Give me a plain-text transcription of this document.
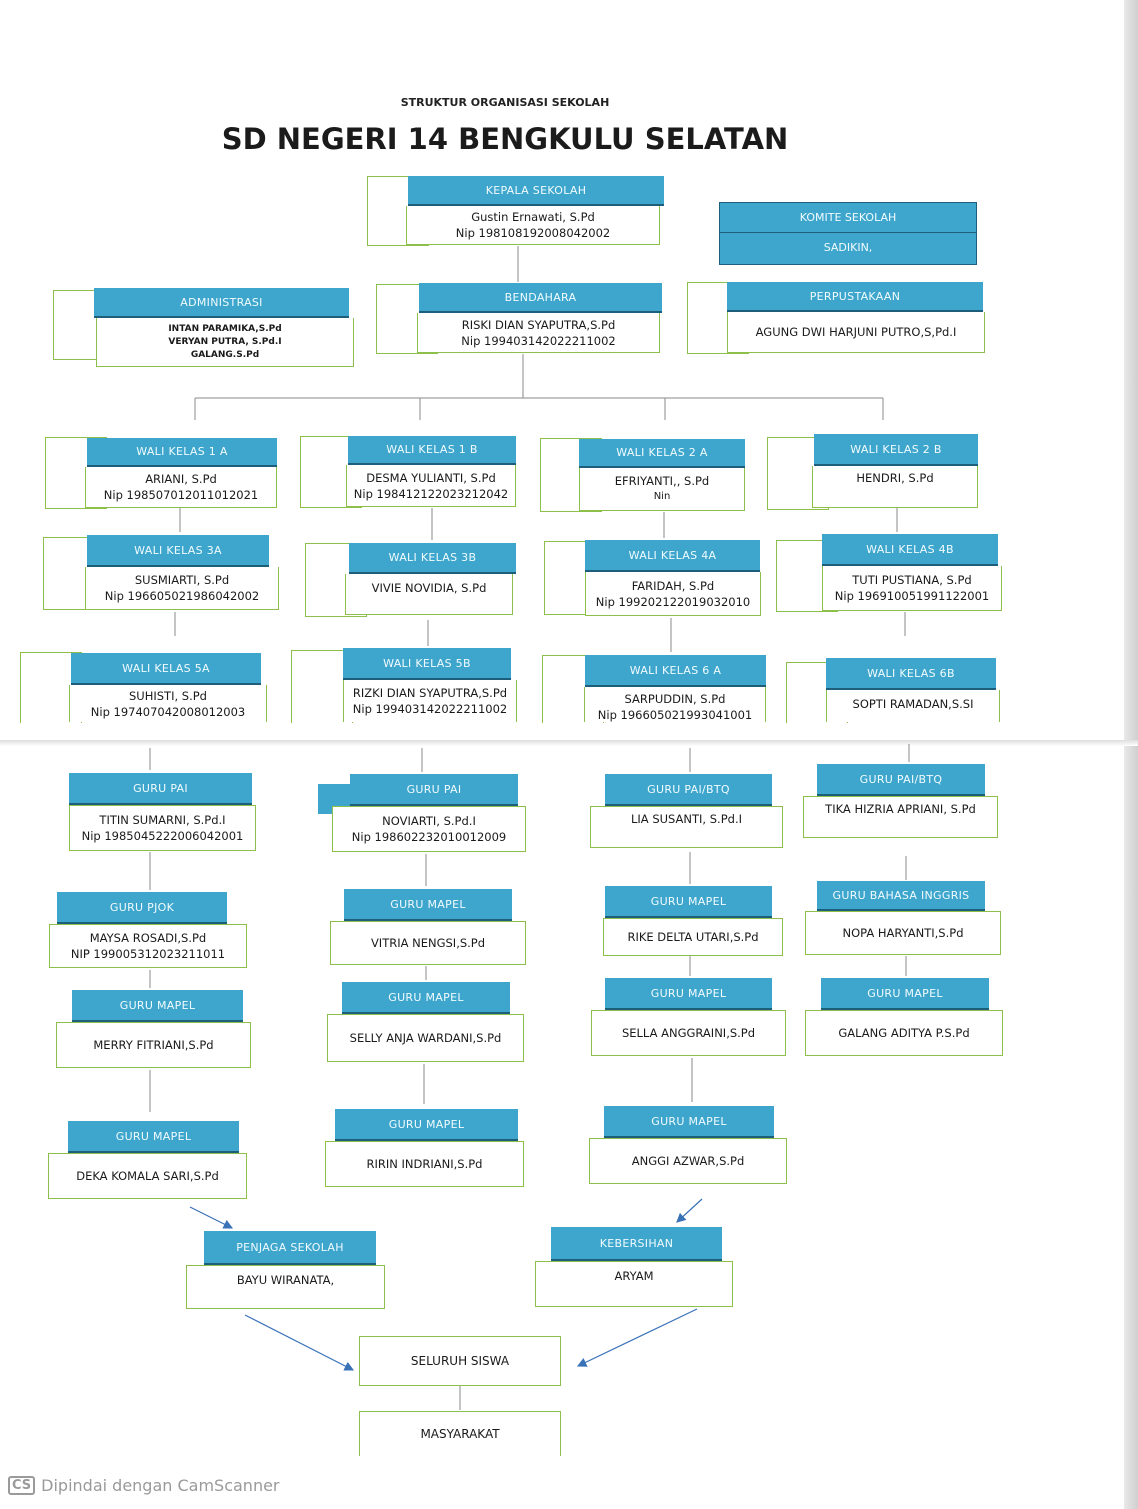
STRUKTUR ORGANISASI SEKOLAH
SD NEGERI 14 BENGKULU SELATAN
KEPALA SEKOLAH
Gustin Ernawati, S.Pd
Nip 198108192008042002
KOMITE SEKOLAH
SADIKIN,
ADMINISTRASI
INTAN PARAMIKA,S.Pd
VERYAN PUTRA, S.Pd.I
GALANG.S.Pd
BENDAHARA
RISKI DIAN SYAPUTRA,S.Pd
Nip 199403142022211002
PERPUSTAKAAN
AGUNG DWI HARJUNI PUTRO,S,Pd.I
WALI KELAS 1 A
ARIANI, S.Pd
Nip 198507012011012021
WALI KELAS 1 B
DESMA YULIANTI, S.Pd
Nip 198412122023212042
WALI KELAS 2 A
EFRIYANTI,, S.Pd
Nin
WALI KELAS 2 B
HENDRI, S.Pd
WALI KELAS 3A
SUSMIARTI, S.Pd
Nip 196605021986042002
WALI KELAS 3B
VIVIE NOVIDIA, S.Pd
WALI KELAS 4A
FARIDAH, S.Pd
Nip 199202122019032010
WALI KELAS 4B
TUTI PUSTIANA, S.Pd
Nip 196910051991122001
WALI KELAS 5A
SUHISTI, S.Pd
Nip 197407042008012003
WALI KELAS 5B
RIZKI DIAN SYAPUTRA,S.Pd
Nip 199403142022211002
WALI KELAS 6 A
SARPUDDIN, S.Pd
Nip 196605021993041001
WALI KELAS 6B
SOPTI RAMADAN,S.SI
GURU PAI
TITIN SUMARNI, S.Pd.I
Nip 1985045222006042001
GURU PAI
NOVIARTI, S.Pd.I
Nip 198602232010012009
GURU PAI/BTQ
LIA SUSANTI, S.Pd.I
GURU PAI/BTQ
TIKA HIZRIA APRIANI, S.Pd
GURU PJOK
MAYSA ROSADI,S.Pd
NIP 199005312023211011
GURU MAPEL
VITRIA NENGSI,S.Pd
GURU MAPEL
RIKE DELTA UTARI,S.Pd
GURU BAHASA INGGRIS
NOPA HARYANTI,S.Pd
GURU MAPEL
MERRY FITRIANI,S.Pd
GURU MAPEL
SELLY ANJA WARDANI,S.Pd
GURU MAPEL
SELLA ANGGRAINI,S.Pd
GURU MAPEL
GALANG ADITYA P.S.Pd
GURU MAPEL
DEKA KOMALA SARI,S.Pd
GURU MAPEL
RIRIN INDRIANI,S.Pd
GURU MAPEL
ANGGI AZWAR,S.Pd
PENJAGA SEKOLAH
BAYU WIRANATA,
KEBERSIHAN
ARYAM
SELURUH SISWA
MASYARAKAT
CS Dipindai dengan CamScanner
